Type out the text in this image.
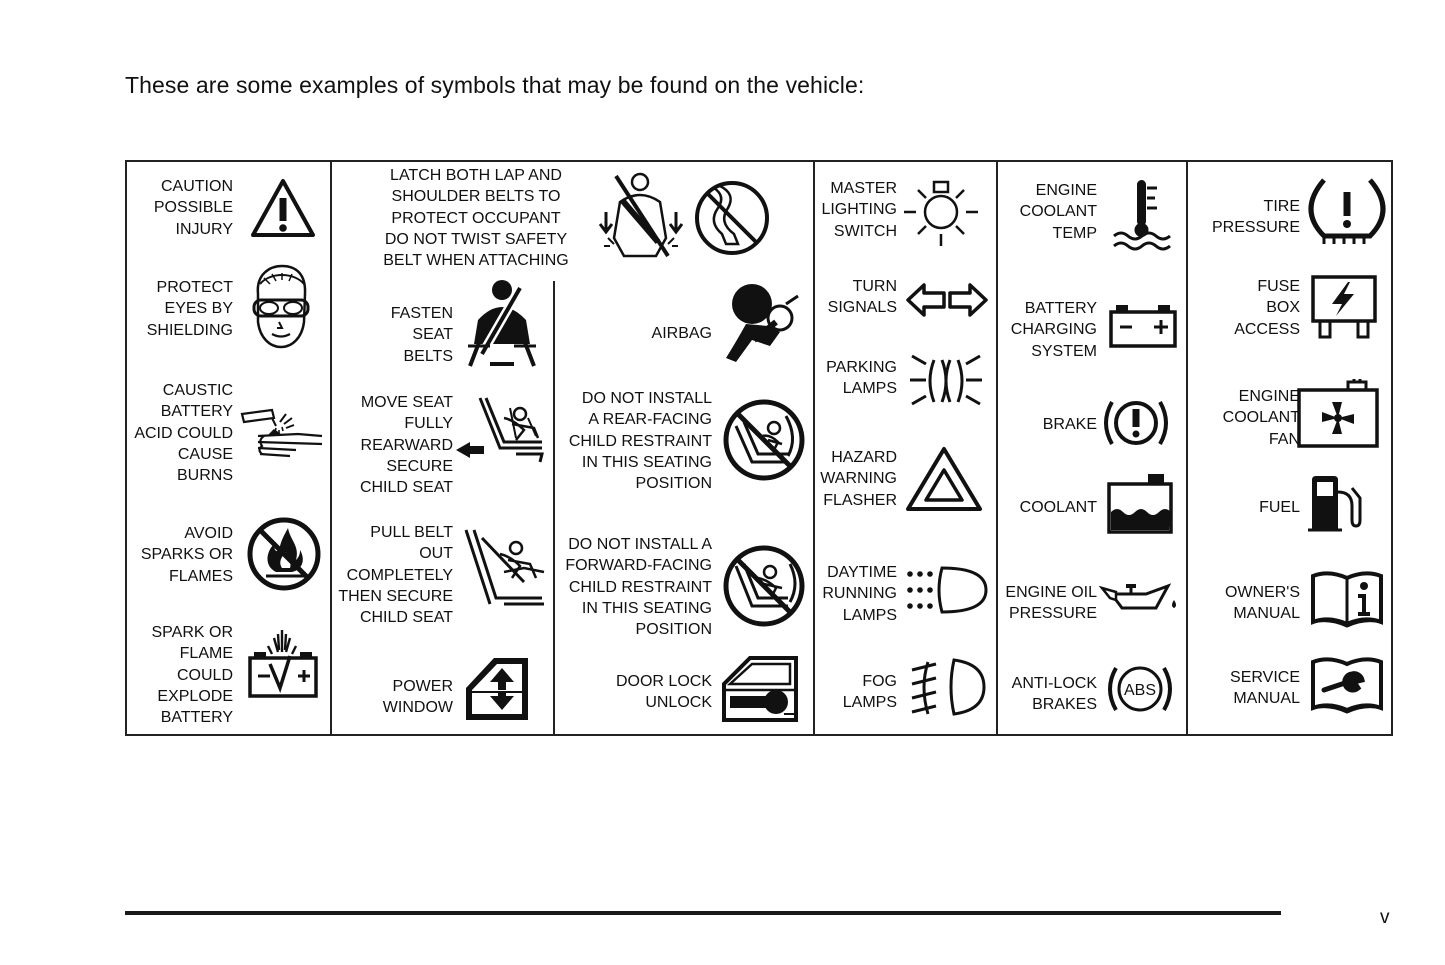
These are some examples of symbols that may be found on the vehicle:
CAUTION
POSSIBLE
INJURY
PROTECT
EYES BY
SHIELDING
CAUSTIC
BATTERY
ACID COULD
CAUSE
BURNS
AVOID
SPARKS OR
FLAMES
SPARK OR
FLAME
COULD
EXPLODE
BATTERY
LATCH BOTH LAP AND
SHOULDER BELTS TO
PROTECT OCCUPANT
DO NOT TWIST SAFETY
BELT WHEN ATTACHING
FASTEN
SEAT
BELTS
MOVE SEAT
FULLY
REARWARD
SECURE
CHILD SEAT
PULL BELT
OUT
COMPLETELY
THEN SECURE
CHILD SEAT
POWER
WINDOW
AIRBAG
DO NOT INSTALL
A REAR-FACING
CHILD RESTRAINT
IN THIS SEATING
POSITION
DO NOT INSTALL A
FORWARD-FACING
CHILD RESTRAINT
IN THIS SEATING
POSITION
DOOR LOCK
UNLOCK
MASTER
LIGHTING
SWITCH
TURN
SIGNALS
PARKING
LAMPS
HAZARD
WARNING
FLASHER
DAYTIME
RUNNING
LAMPS
FOG
LAMPS
ENGINE
COOLANT
TEMP
BATTERY
CHARGING
SYSTEM
BRAKE
COOLANT
ENGINE OIL
PRESSURE
ANTI-LOCK
BRAKES
ABS
TIRE
PRESSURE
FUSE
BOX
ACCESS
ENGINE
COOLANT
FAN
FUEL
OWNER'S
MANUAL
SERVICE
MANUAL
v
